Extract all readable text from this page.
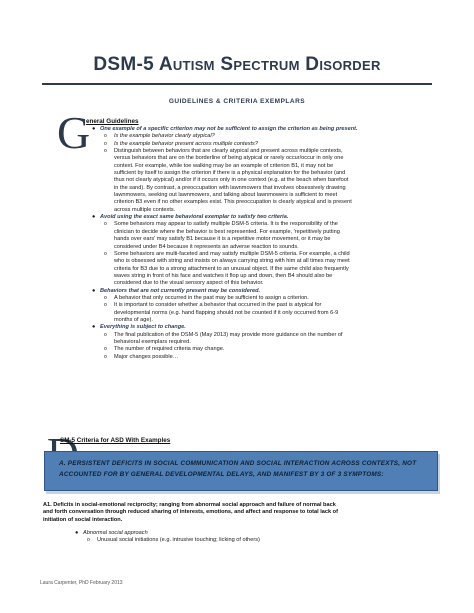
DSM-5 Autism Spectrum Disorder
GUIDELINES & CRITERIA EXEMPLARS
G
eneral Guidelines
● One example of a specific criterion may not be sufficient to assign the criterion as being present.
o Is the example behavior clearly atypical?
o Is the example behavior present across multiple contexts?
o Distinguish between behaviors that are clearly atypical and present across multiple contexts,
versus behaviors that are on the borderline of being atypical or rarely occur/occur in only one
context. For example, while toe walking may be an example of criterion B1, it may not be
sufficient by itself to assign the criterion if there is a physical explanation for the behavior (and
thus not clearly atypical) and/or if it occurs only in one context (e.g. at the beach when barefoot
in the sand). By contrast, a preoccupation with lawnmowers that involves obsessively drawing
lawnmowers, seeking out lawnmowers, and talking about lawnmowers is sufficient to meet
criterion B3 even if no other examples exist. This preoccupation is clearly atypical and is present
across multiple contexts.
● Avoid using the exact same behavioral exemplar to satisfy two criteria.
o Some behaviors may appear to satisfy multiple DSM-5 criteria. It is the responsibility of the
clinician to decide where the behavior is best represented. For example, 'repetitively putting
hands over ears' may satisfy B1 because it is a repetitive motor movement, or it may be
considered under B4 because it represents an adverse reaction to sounds.
o Some behaviors are multi-faceted and may satisfy multiple DSM-5 criteria. For example, a child
who is obsessed with string and insists on always carrying string with him at all times may meet
criteria for B3 due to a strong attachment to an unusual object. If the same child also frequently
waves string in front of his face and watches it flop up and down, then B4 should also be
considered due to the visual sensory aspect of this behavior.
● Behaviors that are not currently present may be considered.
o A behavior that only occurred in the past may be sufficient to assign a criterion.
o It is important to consider whether a behavior that occurred in the past is atypical for
developmental norms (e.g. hand flapping should not be counted if it only occurred from 6-9
months of age).
● Everything is subject to change.
o The final publication of the DSM-5 (May 2013) may provide more guidance on the number of
behavioral exemplars required.
o The number of required criteria may change.
o Major changes possible…
SM-5 Criteria for ASD With Examples
A. PERSISTENT DEFICITS IN SOCIAL COMMUNICATION AND SOCIAL INTERACTION ACROSS CONTEXTS, NOT
ACCOUNTED FOR BY GENERAL DEVELOPMENTAL DELAYS, AND MANIFEST BY 3 OF 3 SYMPTOMS:
A1. Deficits in social-emotional reciprocity; ranging from abnormal social approach and failure of normal back
and forth conversation through reduced sharing of interests, emotions, and affect and response to total lack of
initiation of social interaction.
● Abnormal social approach
o Unusual social initiations (e.g. intrusive touching; licking of others)
Laura Carpenter, PhD February 2013
